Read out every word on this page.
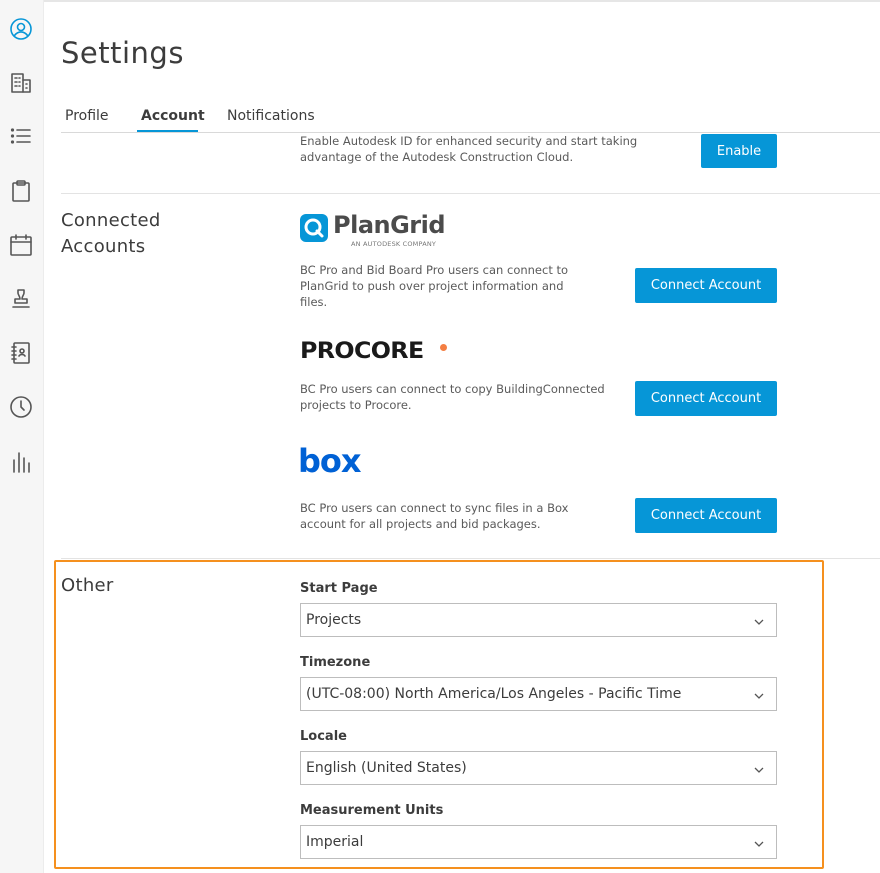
Settings
Profile Account Notifications
Enable Autodesk ID for enhanced security and start taking advantage of the Autodesk Construction Cloud.	Enable
Connected
Accounts
PlanGrid
AN AUTODESK COMPANY
BC Pro and Bid Board Pro users can connect to PlanGrid to push over project information and files.
Connect Account
PROCORE
BC Pro users can connect to copy BuildingConnected projects to Procore.	Connect Account
box
BC Pro users can connect to sync files in a Box account for all projects and bid packages.
Connect Account
Other	Start Page
Projects
Timezone
(UTC-08:00) North America/Los Angeles - Pacific Time
Locale
English (United States)
Measurement Units
Imperial
